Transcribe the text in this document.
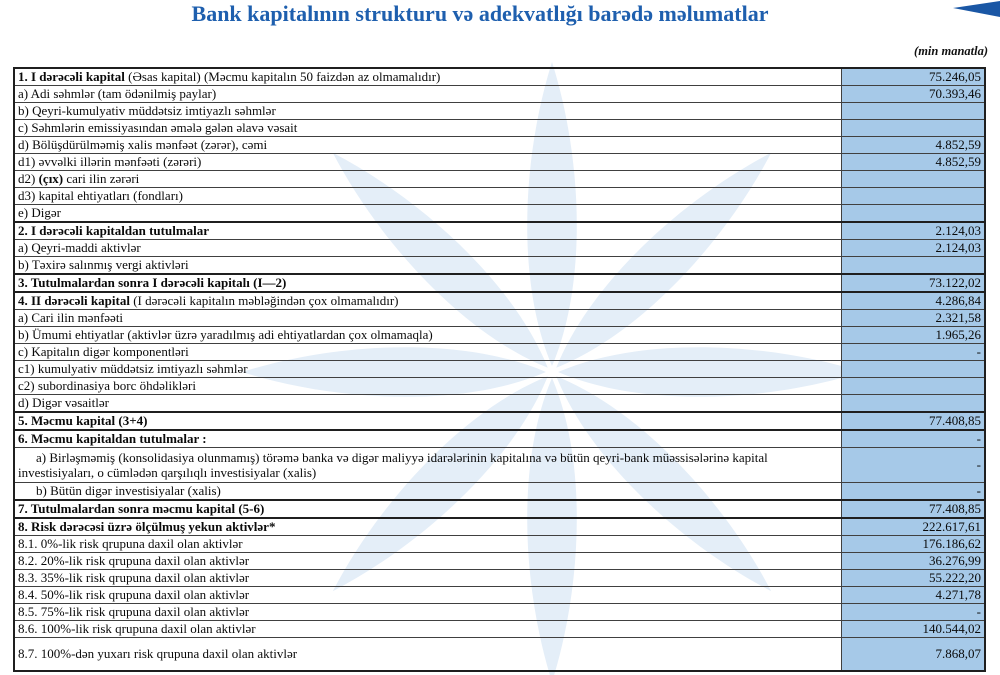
Bank kapitalının strukturu və adekvatlığı barədə məlumatlar
(min manatla)
1. I dərəcəli kapital (Əsas kapital) (Məcmu kapitalın 50 faizdən az olmamalıdır)	75.246,05
a) Adi səhmlər (tam ödənilmiş paylar)	70.393,46
b) Qeyri-kumulyativ müddətsiz imtiyazlı səhmlər	
c) Səhmlərin emissiyasından əmələ gələn əlavə vəsait	
d) Bölüşdürülməmiş xalis mənfəət (zərər), cəmi	4.852,59
d1) əvvəlki illərin mənfəəti (zərəri)	4.852,59
d2) (çıx) cari ilin zərəri	
d3) kapital ehtiyatları (fondları)	
e) Digər	
2. I dərəcəli kapitaldan tutulmalar	2.124,03
a) Qeyri-maddi aktivlər	2.124,03
b) Təxirə salınmış vergi aktivləri	
3. Tutulmalardan sonra I dərəcəli kapitalı (I—2)	73.122,02
4. II dərəcəli kapital (I dərəcəli kapitalın məbləğindən çox olmamalıdır)	4.286,84
a) Cari ilin mənfəəti	2.321,58
b) Ümumi ehtiyatlar (aktivlər üzrə yaradılmış adi ehtiyatlardan çox olmamaqla)	1.965,26
c) Kapitalın digər komponentləri	-
c1) kumulyativ müddətsiz imtiyazlı səhmlər	
c2) subordinasiya borc öhdəlikləri	
d) Digər vəsaitlər	
5. Məcmu kapital (3+4)	77.408,85
6. Məcmu kapitaldan tutulmalar :	-
a) Birləşməmiş (konsolidasiya olunmamış) törəmə banka və digər maliyyə idarələrinin kapitalına və bütün qeyri-bank müəssisələrinə kapital investisiyaları, o cümlədən qarşılıqlı investisiyalar (xalis)	-
b) Bütün digər investisiyalar (xalis)	-
7. Tutulmalardan sonra məcmu kapital (5-6)	77.408,85
8. Risk dərəcəsi üzrə ölçülmuş yekun aktivlər*	222.617,61
8.1. 0%-lik risk qrupuna daxil olan aktivlər	176.186,62
8.2. 20%-lik risk qrupuna daxil olan aktivlər	36.276,99
8.3. 35%-lik risk qrupuna daxil olan aktivlər	55.222,20
8.4. 50%-lik risk qrupuna daxil olan aktivlər	4.271,78
8.5. 75%-lik risk qrupuna daxil olan aktivlər	-
8.6. 100%-lik risk qrupuna daxil olan aktivlər	140.544,02
8.7. 100%-dən yuxarı risk qrupuna daxil olan aktivlər	7.868,07
